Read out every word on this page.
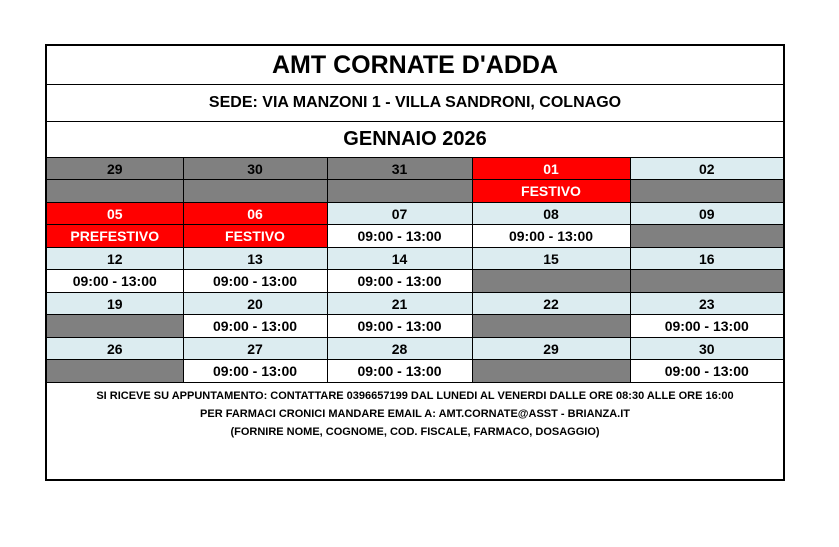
AMT CORNATE D'ADDA
SEDE: VIA MANZONI 1 - VILLA SANDRONI, COLNAGO
GENNAIO 2026
29	30	31	01	02
			FESTIVO	
05	06	07	08	09
PREFESTIVO	FESTIVO	09:00 - 13:00	09:00 - 13:00	
12	13	14	15	16
09:00 - 13:00	09:00 - 13:00	09:00 - 13:00		
19	20	21	22	23
	09:00 - 13:00	09:00 - 13:00		09:00 - 13:00
26	27	28	29	30
	09:00 - 13:00	09:00 - 13:00		09:00 - 13:00
SI RICEVE SU APPUNTAMENTO: CONTATTARE 0396657199 DAL LUNEDI AL VENERDI DALLE ORE 08:30 ALLE ORE 16:00
PER FARMACI CRONICI MANDARE EMAIL A: AMT.CORNATE@ASST - BRIANZA.IT
(FORNIRE NOME, COGNOME, COD. FISCALE, FARMACO, DOSAGGIO)
